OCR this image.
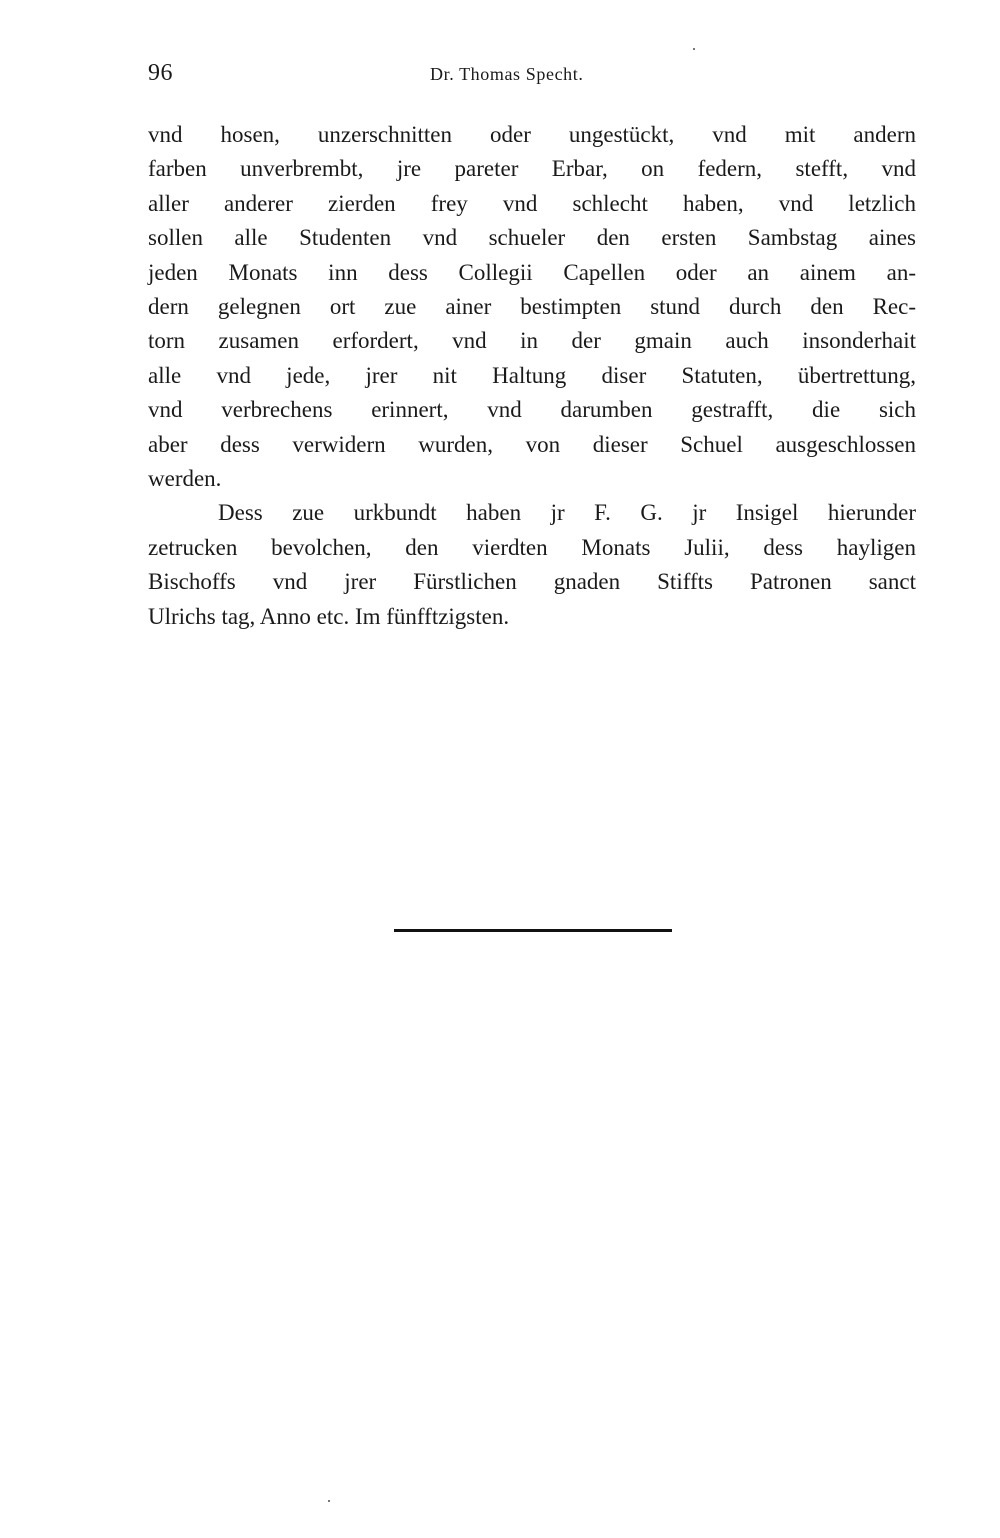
96	Dr. Thomas Specht.

vnd hosen, unzerschnitten oder ungestückt, vnd mit andern
farben unverbrembt, jre pareter Erbar, on federn, stefft, vnd
aller anderer zierden frey vnd schlecht haben, vnd letzlich
sollen alle Studenten vnd schueler den ersten Sambstag aines
jeden Monats inn dess Collegii Capellen oder an ainem an-
dern gelegnen ort zue ainer bestimpten stund durch den Rec-
torn zusamen erfordert, vnd in der gmain auch insonderhait
alle vnd jede, jrer nit Haltung diser Statuten, übertrettung,
vnd verbrechens erinnert, vnd darumben gestrafft, die sich
aber dess verwidern wurden, von dieser Schuel ausgeschlossen
werden.

Dess zue urkbundt haben jr F. G. jr Insigel hierunder
zetrucken bevolchen, den vierdten Monats Julii, dess hayligen
Bischoffs vnd jrer Fürstlichen gnaden Stiffts Patronen sanct
Ulrichs tag, Anno etc. Im fünfftzigsten.
